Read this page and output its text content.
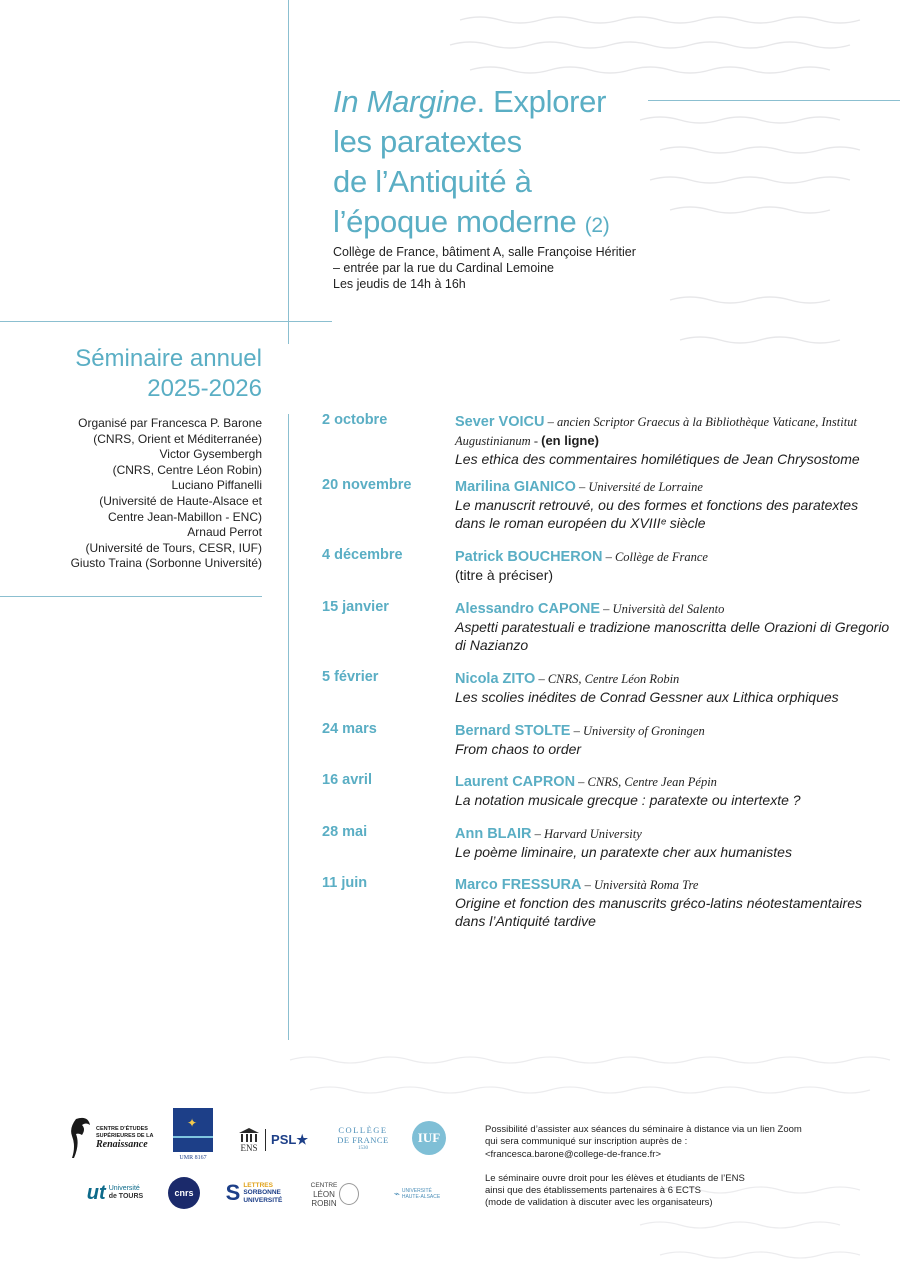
In Margine. Explorer
les paratextes
de l’Antiquité à
l’époque moderne (2)
Collège de France, bâtiment A, salle Françoise Héritier
– entrée par la rue du Cardinal Lemoine
Les jeudis de 14h à 16h
Séminaire annuel
2025-2026
Organisé par Francesca P. Barone
(CNRS, Orient et Méditerranée)
Victor Gysembergh
(CNRS, Centre Léon Robin)
Luciano Piffanelli
(Université de Haute-Alsace et
Centre Jean-Mabillon - ENC)
Arnaud Perrot
(Université de Tours, CESR, IUF)
Giusto Traina (Sorbonne Université)
2 octobre	Sever VOICU – ancien Scriptor Graecus à la Bibliothèque Vaticane, Institut Augustinianum - (en ligne)
Les ethica des commentaires homilétiques de Jean Chrysostome
20 novembre	Marilina GIANICO – Université de Lorraine
Le manuscrit retrouvé, ou des formes et fonctions des paratextes dans le roman européen du XVIIIᵉ siècle
4 décembre	Patrick BOUCHERON – Collège de France
(titre à préciser)
15 janvier	Alessandro CAPONE – Università del Salento
Aspetti paratestuali e tradizione manoscritta delle Orazioni di Gregorio di Nazianzo
5 février	Nicola ZITO – CNRS, Centre Léon Robin
Les scolies inédites de Conrad Gessner aux Lithica orphiques
24 mars	Bernard STOLTE – University of Groningen
From chaos to order
16 avril	Laurent CAPRON – CNRS, Centre Jean Pépin
La notation musicale grecque : paratexte ou intertexte ?
28 mai	Ann BLAIR – Harvard University
Le poème liminaire, un paratexte cher aux humanistes
11 juin	Marco FRESSURA – Università Roma Tre
Origine et fonction des manuscrits gréco-latins néotestamentaires dans l’Antiquité tardive
CENTRE D’ÉTUDES
SUPÉRIEURES DE LA
Renaissance
✦
UMR 8167
ENS
PSL★
COLLÈGE
DE FRANCE
1530
IUF
ut Université
de TOURS	cnrs S LETTRES
SORBONNE
UNIVERSITÉ
CENTRE
LÉON
ROBIN
⌁ UNIVERSITÉ
HAUTE-ALSACE
Possibilité d’assister aux séances du séminaire à distance via un lien Zoom
qui sera communiqué sur inscription auprès de :
<francesca.barone@college-de-france.fr>
Le séminaire ouvre droit pour les élèves et étudiants de l’ENS
ainsi que des établissements partenaires à 6 ECTS
(mode de validation à discuter avec les organisateurs)
